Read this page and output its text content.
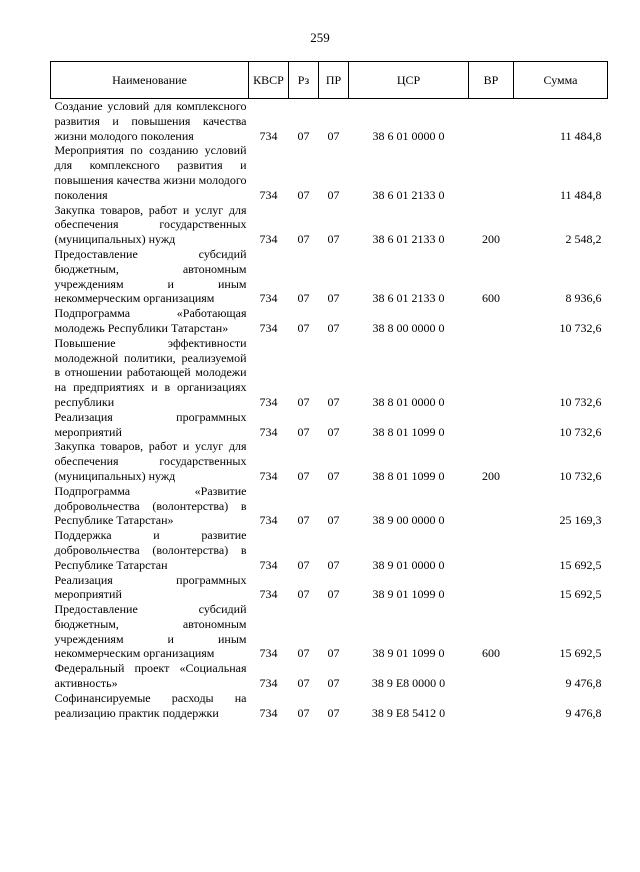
259
Наименование	КВСР	Рз	ПР	ЦСР	ВР	Сумма
Создание условий для комплексного развития и повышения качества жизни молодого поколения	734	07	07	38 6 01 0000 0		11 484,8
Мероприятия по созданию условий для комплексного развития и повышения качества жизни молодого поколения	734	07	07	38 6 01 2133 0		11 484,8
Закупка товаров, работ и услуг для обеспечения государственных (муниципальных) нужд	734	07	07	38 6 01 2133 0	200	2 548,2
Предоставление субсидий бюджетным, автономным учреждениям и иным некоммерческим организациям	734	07	07	38 6 01 2133 0	600	8 936,6
Подпрограмма «Работающая молодежь Республики Татарстан»	734	07	07	38 8 00 0000 0		10 732,6
Повышение эффективности молодежной политики, реализуемой в отношении работающей молодежи на предприятиях и в организациях республики	734	07	07	38 8 01 0000 0		10 732,6
Реализация программных мероприятий	734	07	07	38 8 01 1099 0		10 732,6
Закупка товаров, работ и услуг для обеспечения государственных (муниципальных) нужд	734	07	07	38 8 01 1099 0	200	10 732,6
Подпрограмма «Развитие добровольчества (волонтерства) в Республике Татарстан»	734	07	07	38 9 00 0000 0		25 169,3
Поддержка и развитие добровольчества (волонтерства) в Республике Татарстан	734	07	07	38 9 01 0000 0		15 692,5
Реализация программных мероприятий	734	07	07	38 9 01 1099 0		15 692,5
Предоставление субсидий бюджетным, автономным учреждениям и иным некоммерческим организациям	734	07	07	38 9 01 1099 0	600	15 692,5
Федеральный проект «Социальная активность»	734	07	07	38 9 E8 0000 0		9 476,8
Софинансируемые расходы на реализацию практик поддержки	734	07	07	38 9 E8 5412 0		9 476,8
